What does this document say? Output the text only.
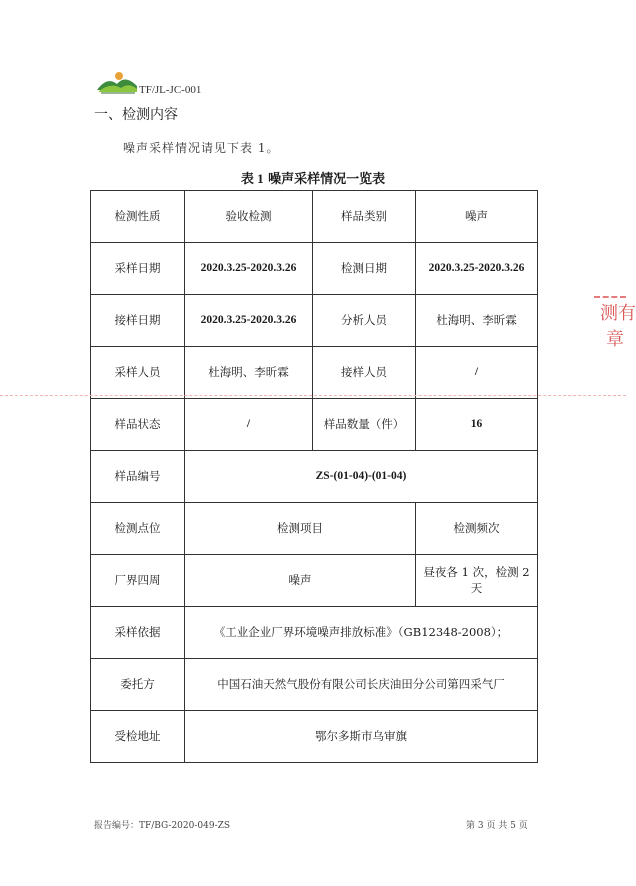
TF/JL-JC-001
一、检测内容
噪声采样情况请见下表 1。
表 1 噪声采样情况一览表
检测性质	验收检测	样品类别	噪声
采样日期	2020.3.25-2020.3.26	检测日期	2020.3.25-2020.3.26
接样日期	2020.3.25-2020.3.26	分析人员	杜海明、李昕霖
采样人员	杜海明、李昕霖	接样人员	/
样品状态	/	样品数量（件）	16
样品编号	ZS-(01-04)-(01-04)		
检测点位	检测项目		检测频次
厂界四周	噪声		昼夜各 1 次，检测 2 天
采样依据	《工业企业厂界环境噪声排放标准》（GB12348-2008）；		
委托方	中国石油天然气股份有限公司长庆油田分公司第四采气厂		
受检地址	鄂尔多斯市乌审旗		
测有
章
报告编号：TF/BG-2020-049-ZS	第 3 页 共 5 页
